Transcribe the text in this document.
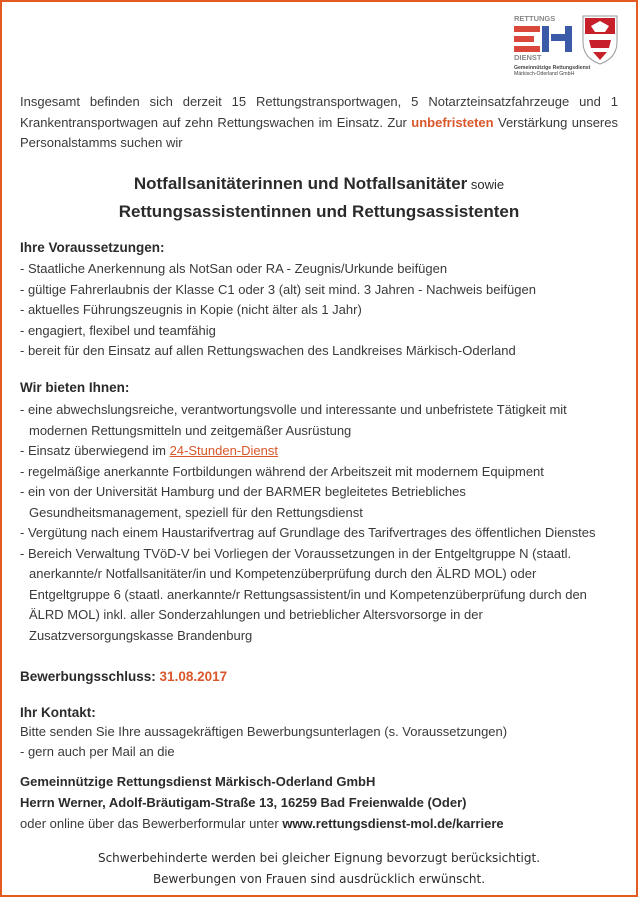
RETTUNGS
DIENST
Gemeinnützige Rettungsdienst
Märkisch-Oderland GmbH
Insgesamt befinden sich derzeit 15 Rettungstransportwagen, 5 Notarzteinsatzfahrzeuge und 1 Krankentransportwagen auf zehn Rettungswachen im Einsatz. Zur unbefristeten Verstärkung unseres Personalstamms suchen wir
Notfallsanitäterinnen und Notfallsanitäter sowie
Rettungsassistentinnen und Rettungsassistenten
Ihre Voraussetzungen:
- Staatliche Anerkennung als NotSan oder RA - Zeugnis/Urkunde beifügen
- gültige Fahrerlaubnis der Klasse C1 oder 3 (alt) seit mind. 3 Jahren - Nachweis beifügen
- aktuelles Führungszeugnis in Kopie (nicht älter als 1 Jahr)
- engagiert, flexibel und teamfähig
- bereit für den Einsatz auf allen Rettungswachen des Landkreises Märkisch-Oderland
Wir bieten Ihnen:
- eine abwechslungsreiche, verantwortungsvolle und interessante und unbefristete Tätigkeit mit modernen Rettungsmitteln und zeitgemäßer Ausrüstung
- Einsatz überwiegend im 24-Stunden-Dienst
- regelmäßige anerkannte Fortbildungen während der Arbeitszeit mit modernem Equipment
- ein von der Universität Hamburg und der BARMER begleitetes Betriebliches Gesundheitsmanagement, speziell für den Rettungsdienst
- Vergütung nach einem Haustarifvertrag auf Grundlage des Tarifvertrages des öffentlichen Dienstes
- Bereich Verwaltung TVöD-V bei Vorliegen der Voraussetzungen in der Entgeltgruppe N (staatl. anerkannte/r Notfallsanitäter/in und Kompetenzüberprüfung durch den ÄLRD MOL) oder Entgeltgruppe 6 (staatl. anerkannte/r Rettungsassistent/in und Kompetenzüberprüfung durch den ÄLRD MOL) inkl. aller Sonderzahlungen und betrieblicher Altersvorsorge in der Zusatzversorgungskasse Brandenburg
Bewerbungsschluss: 31.08.2017
Ihr Kontakt:
Bitte senden Sie Ihre aussagekräftigen Bewerbungsunterlagen (s. Voraussetzungen)
- gern auch per Mail an die
Gemeinnützige Rettungsdienst Märkisch-Oderland GmbH
Herrn Werner, Adolf-Bräutigam-Straße 13, 16259 Bad Freienwalde (Oder)
oder online über das Bewerberformular unter www.rettungsdienst-mol.de/karriere
Schwerbehinderte werden bei gleicher Eignung bevorzugt berücksichtigt.
Bewerbungen von Frauen sind ausdrücklich erwünscht.
